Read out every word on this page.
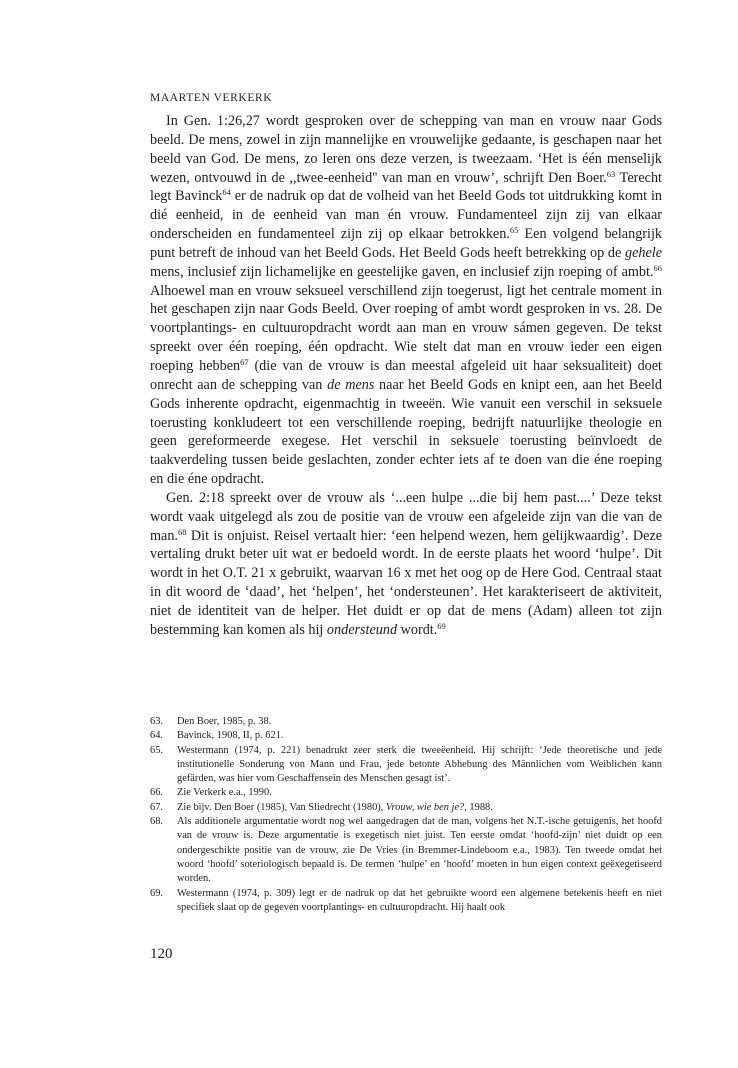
MAARTEN VERKERK

In Gen. 1:26,27 wordt gesproken over de schepping van man en vrouw naar Gods beeld. De mens, zowel in zijn mannelijke en vrouwelijke gedaante, is geschapen naar het beeld van God. De mens, zo leren ons deze verzen, is tweezaam. ‘Het is één menselijk wezen, ontvouwd in de ,,twee-eenheid'' van man en vrouw’, schrijft Den Boer.$^{63}$ Terecht legt Bavinck$^{64}$ er de nadruk op dat de volheid van het Beeld Gods tot uitdrukking komt in dié eenheid, in de eenheid van man én vrouw. Fundamenteel zijn zij van elkaar onderscheiden en fundamenteel zijn zij op elkaar betrokken.$^{65}$ Een volgend belangrijk punt betreft de inhoud van het Beeld Gods. Het Beeld Gods heeft betrekking op de gehele mens, inclusief zijn lichamelijke en geestelijke gaven, en inclusief zijn roeping of ambt.$^{66}$ Alhoewel man en vrouw seksueel verschillend zijn toegerust, ligt het centrale moment in het geschapen zijn naar Gods Beeld. Over roeping of ambt wordt gesproken in vs. 28. De voortplantings- en cultuuropdracht wordt aan man en vrouw sámen gegeven. De tekst spreekt over één roeping, één opdracht. Wie stelt dat man en vrouw ieder een eigen roeping hebben$^{67}$ (die van de vrouw is dan meestal afgeleid uit haar seksualiteit) doet onrecht aan de schepping van de mens naar het Beeld Gods en knipt een, aan het Beeld Gods inherente opdracht, eigenmachtig in tweeën. Wie vanuit een verschil in seksuele toerusting konkludeert tot een verschillende roeping, bedrijft natuurlijke theologie en geen gereformeerde exegese. Het verschil in seksuele toerusting beïnvloedt de taakverdeling tussen beide geslachten, zonder echter iets af te doen van die éne roeping en die éne opdracht.

Gen. 2:18 spreekt over de vrouw als ‘...een hulpe ...die bij hem past....’ Deze tekst wordt vaak uitgelegd als zou de positie van de vrouw een afgeleide zijn van die van de man.$^{68}$ Dit is onjuist. Reisel vertaalt hier: ‘een helpend wezen, hem gelijkwaardig’. Deze vertaling drukt beter uit wat er bedoeld wordt. In de eerste plaats het woord ‘hulpe’. Dit wordt in het O.T. 21 x gebruikt, waarvan 16 x met het oog op de Here God. Centraal staat in dit woord de ‘daad’, het ‘helpen’, het ‘ondersteunen’. Het karakteriseert de aktiviteit, niet de identiteit van de helper. Het duidt er op dat de mens (Adam) alleen tot zijn bestemming kan komen als hij ondersteund wordt.$^{69}$

63. Den Boer, 1985, p. 38.
64. Bavinck, 1908, II, p. 621.
65. Westermann (1974, p. 221) benadrukt zeer sterk die tweeëenheid. Hij schrijft: ‘Jede theoretische und jede institutionelle Sonderung von Mann und Frau, jede betonte Abhebung des Männlichen vom Weiblichen kann gefärden, was hier vom Geschaffensein des Menschen gesagt ist’.
66. Zie Verkerk e.a., 1990.
67. Zie bijv. Den Boer (1985), Van Sliedrecht (1980), Vrouw, wie ben je?, 1988.
68. Als additionele argumentatie wordt nog wel aangedragen dat de man, volgens het N.T.-ische getuigenis, het hoofd van de vrouw is. Deze argumentatie is exegetisch niet juist. Ten eerste omdat ‘hoofd-zijn’ niet duidt op een ondergeschikte positie van de vrouw, zie De Vries (in Bremmer-Lindeboom e.a., 1983). Ten tweede omdat het woord ‘hoofd’ soteriologisch bepaald is. De termen ‘hulpe’ en ‘hoofd’ moeten in hun eigen context geëxegetiseerd worden.
69. Westermann (1974, p. 309) legt er de nadruk op dat het gebruikte woord een algemene betekenis heeft en niet specifiek slaat op de gegeven voortplantings- en cultuuropdracht. Hij haalt ook
120
